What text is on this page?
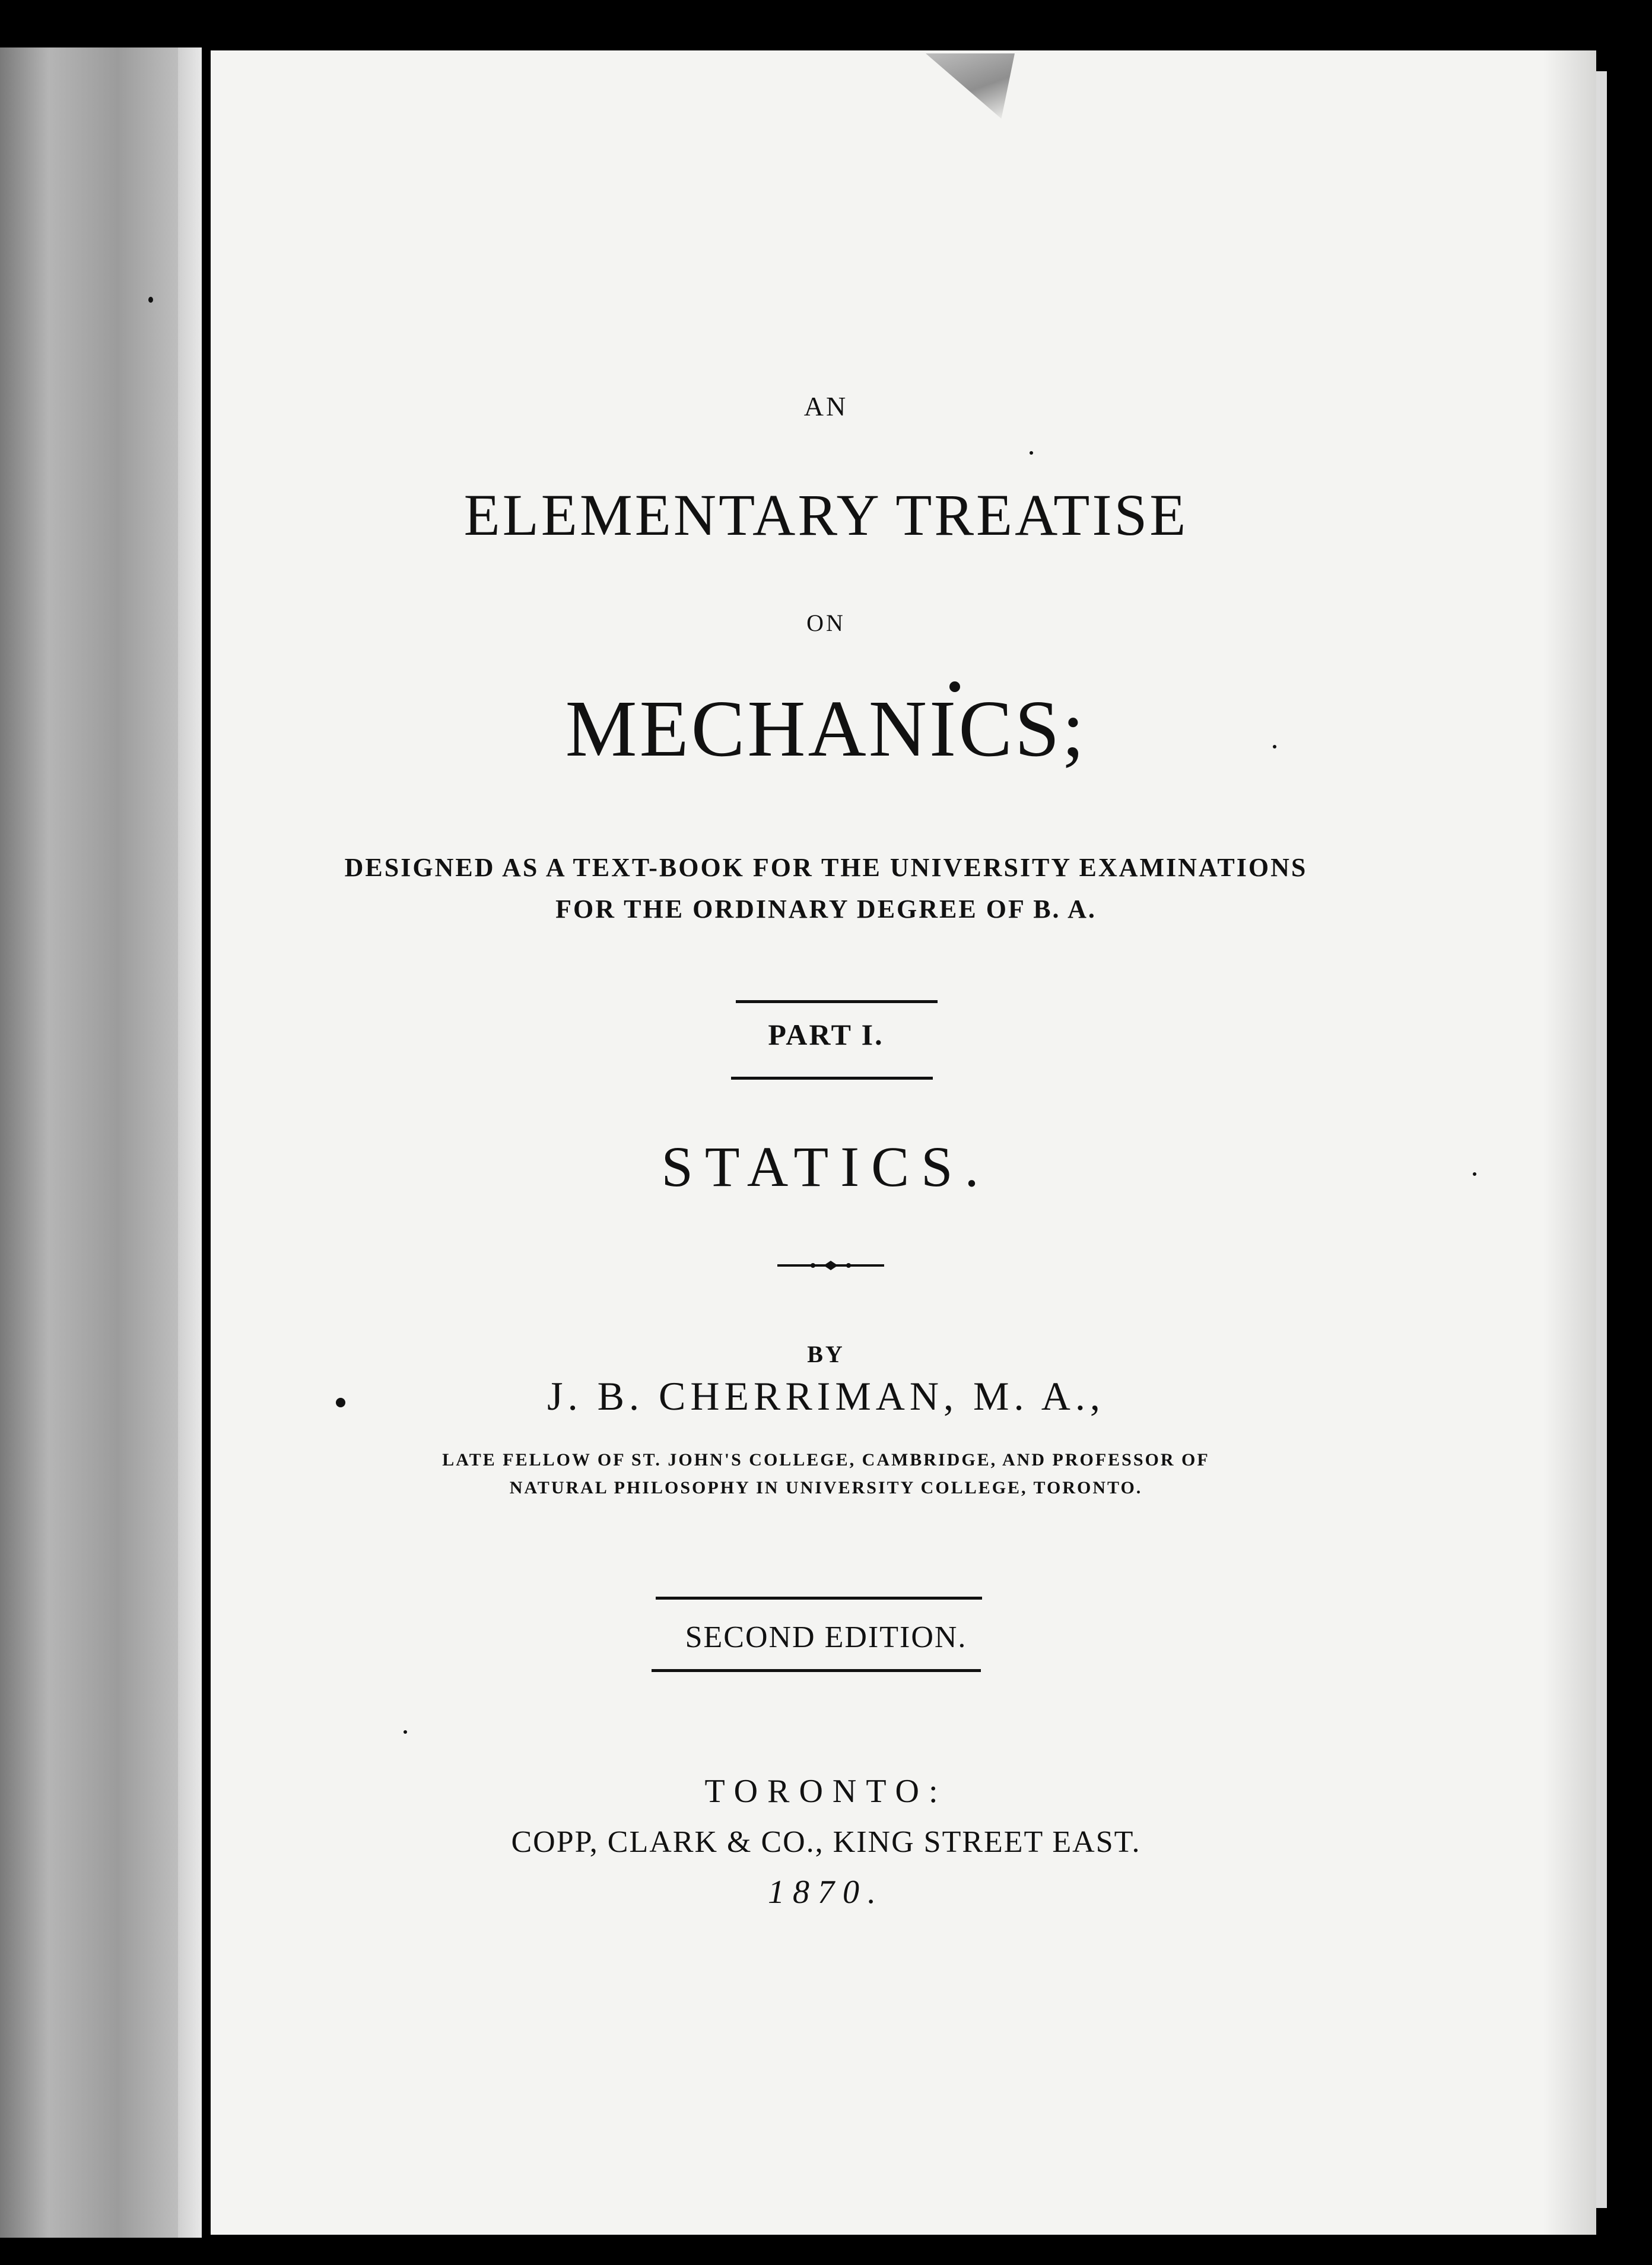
AN
ELEMENTARY TREATISE
ON
MECHANICS;
DESIGNED AS A TEXT-BOOK FOR THE UNIVERSITY EXAMINATIONS
FOR THE ORDINARY DEGREE OF B. A.
PART I.
STATICS.
BY
J. B. CHERRIMAN, M. A.,
LATE FELLOW OF ST. JOHN'S COLLEGE, CAMBRIDGE, AND PROFESSOR OF
NATURAL PHILOSOPHY IN UNIVERSITY COLLEGE, TORONTO.
SECOND EDITION.
TORONTO:
COPP, CLARK & CO., KING STREET EAST.
1870.
